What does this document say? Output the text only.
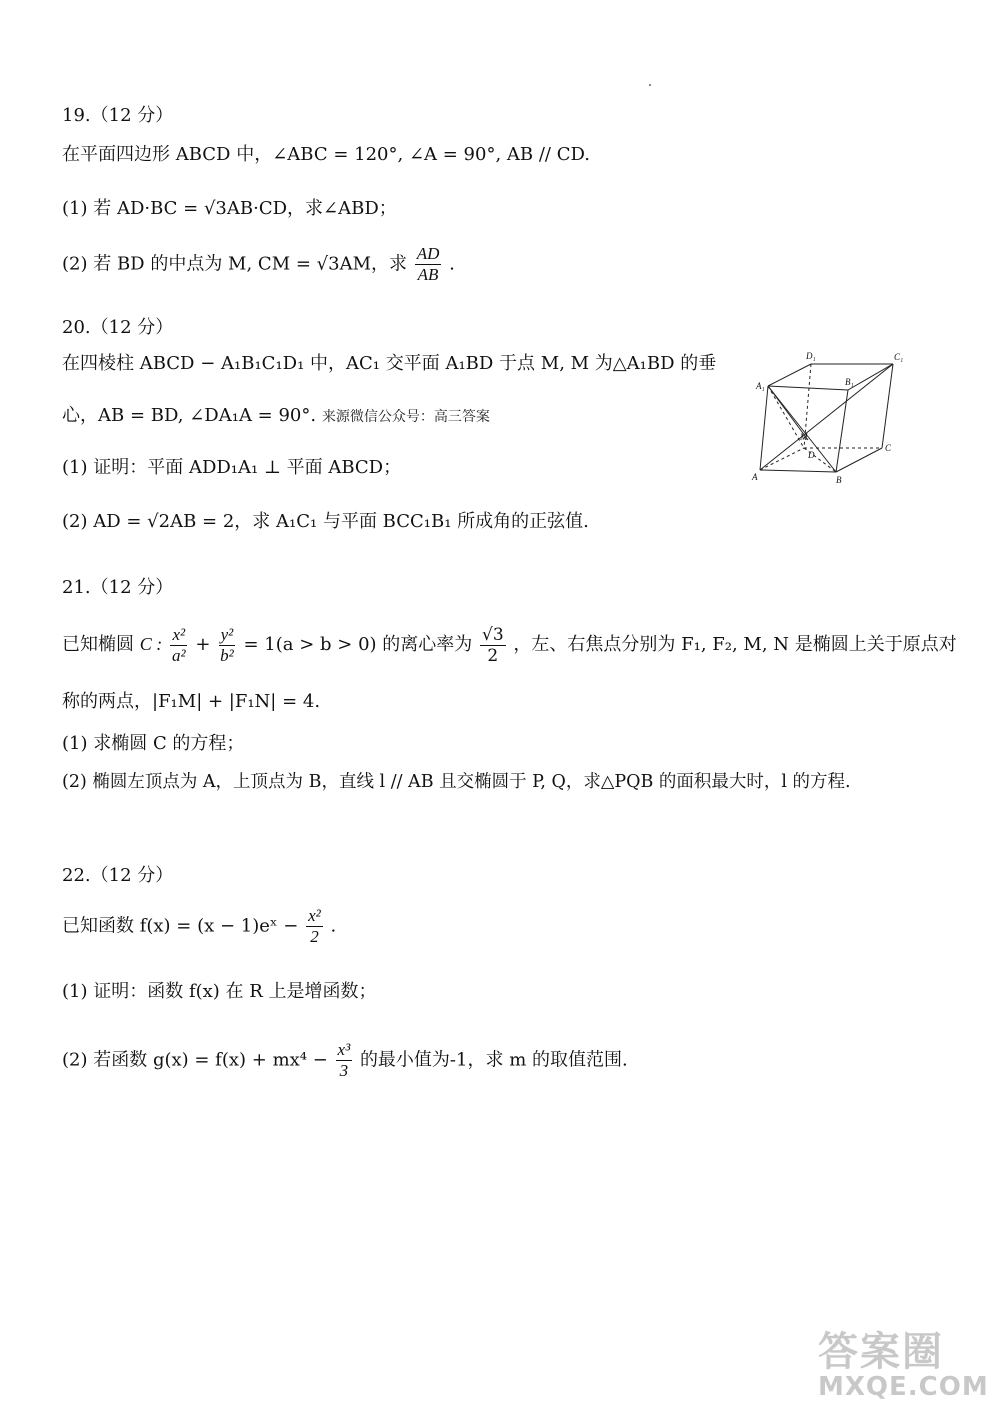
19.（12 分）
在平面四边形 ABCD 中，∠ABC = 120°, ∠A = 90°, AB // CD.
(1) 若 AD·BC = √3AB·CD，求∠ABD；
(2) 若 BD 的中点为 M, CM = √3AM，求 $\frac{AD}{AB}$ .
20.（12 分）
在四棱柱 ABCD − A₁B₁C₁D₁ 中，AC₁ 交平面 A₁BD 于点 M, M 为△A₁BD 的垂
心，AB = BD, ∠DA₁A = 90°. 来源微信公众号：高三答案
(1) 证明：平面 ADD₁A₁ ⊥ 平面 ABCD；
(2) AD = √2AB = 2，求 A₁C₁ 与平面 BCC₁B₁ 所成角的正弦值.
D₁	C₁
A₁	B₁
M
D
C
A	B
21.（12 分）
已知椭圆 C : $\frac{\text{x²}}{\text{a²}} + \frac{\text{y²}}{\text{b²}} = 1(a > b > 0)$ 的离心率为 $\frac{√3}{2}$ ，左、右焦点分别为 F₁, F₂, M, N 是椭圆上关于原点对
称的两点，|F₁M| + |F₁N| = 4.
(1) 求椭圆 C 的方程；
(2) 椭圆左顶点为 A，上顶点为 B，直线 l // AB 且交椭圆于 P, Q，求△PQB 的面积最大时，l 的方程.
22.（12 分）
已知函数 f(x) = (x − 1)eˣ − $\frac{\text{x²}}{2}$ .
(1) 证明：函数 f(x) 在 R 上是增函数；
(2) 若函数 $g(x) = f(x) + mx^4 - \frac{\text{x³}}{3}$ 的最小值为-1，求 m 的取值范围.
答案圈
MXQE.COM
